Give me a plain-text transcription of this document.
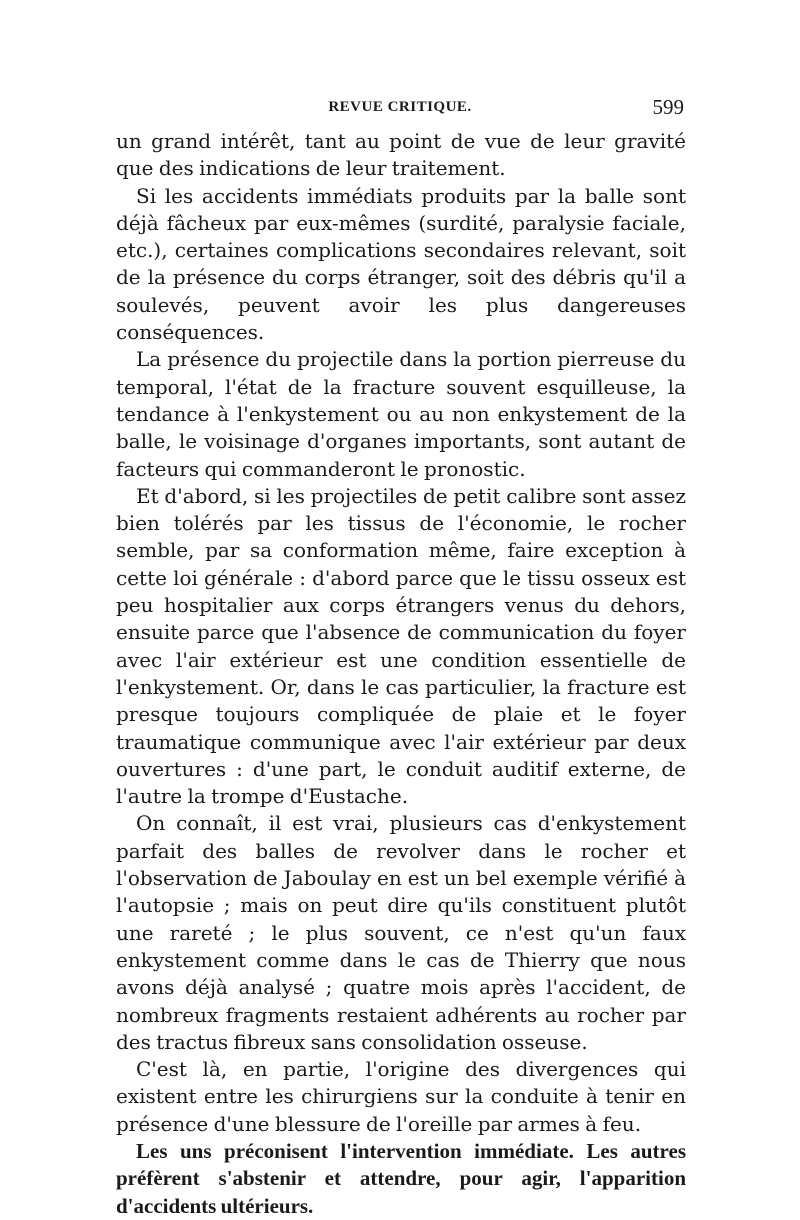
REVUE CRITIQUE.	599

un grand intérêt, tant au point de vue de leur gravité que des indications de leur traitement.

Si les accidents immédiats produits par la balle sont déjà fâcheux par eux-mêmes (surdité, paralysie faciale, etc.), certaines complications secondaires relevant, soit de la présence du corps étranger, soit des débris qu'il a soulevés, peuvent avoir les plus dangereuses conséquences.

La présence du projectile dans la portion pierreuse du temporal, l'état de la fracture souvent esquilleuse, la tendance à l'enkystement ou au non enkystement de la balle, le voisinage d'organes importants, sont autant de facteurs qui commanderont le pronostic.

Et d'abord, si les projectiles de petit calibre sont assez bien tolérés par les tissus de l'économie, le rocher semble, par sa conformation même, faire exception à cette loi générale : d'abord parce que le tissu osseux est peu hospitalier aux corps étrangers venus du dehors, ensuite parce que l'absence de communication du foyer avec l'air extérieur est une condition essentielle de l'enkystement. Or, dans le cas particulier, la fracture est presque toujours compliquée de plaie et le foyer traumatique communique avec l'air extérieur par deux ouvertures : d'une part, le conduit auditif externe, de l'autre la trompe d'Eustache.

On connaît, il est vrai, plusieurs cas d'enkystement parfait des balles de revolver dans le rocher et l'observation de Jaboulay en est un bel exemple vérifié à l'autopsie ; mais on peut dire qu'ils constituent plutôt une rareté ; le plus souvent, ce n'est qu'un faux enkystement comme dans le cas de Thierry que nous avons déjà analysé ; quatre mois après l'accident, de nombreux fragments restaient adhérents au rocher par des tractus fibreux sans consolidation osseuse.

C'est là, en partie, l'origine des divergences qui existent entre les chirurgiens sur la conduite à tenir en présence d'une blessure de l'oreille par armes à feu.

Les uns préconisent l'intervention immédiate. Les autres préfèrent s'abstenir et attendre, pour agir, l'apparition d'accidents ultérieurs.
